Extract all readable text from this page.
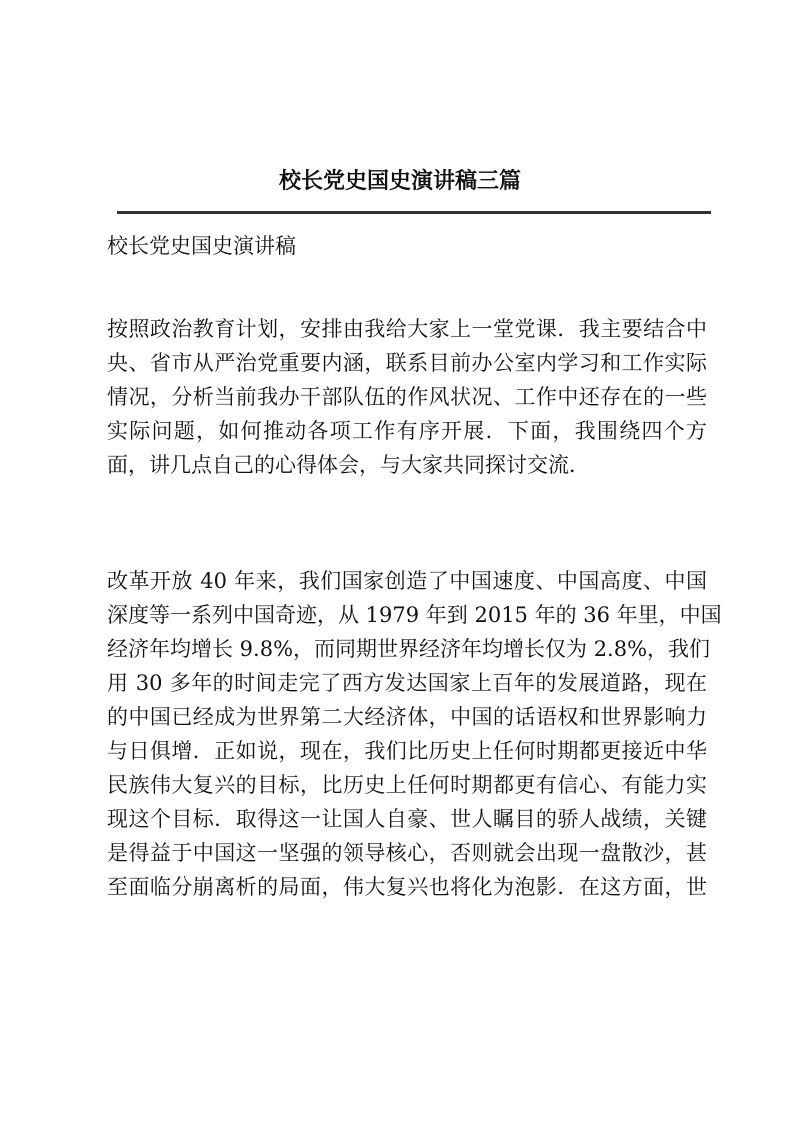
校长党史国史演讲稿三篇
校长党史国史演讲稿
按照政治教育计划，安排由我给大家上一堂党课．我主要结合中
央、省市从严治党重要内涵，联系目前办公室内学习和工作实际
情况，分析当前我办干部队伍的作风状况、工作中还存在的一些
实际问题，如何推动各项工作有序开展．下面，我围绕四个方
面，讲几点自己的心得体会，与大家共同探讨交流．
改革开放 40 年来，我们国家创造了中国速度、中国高度、中国
深度等一系列中国奇迹，从 1979 年到 2015 年的 36 年里，中国
经济年均增长 9.8%，而同期世界经济年均增长仅为 2.8%，我们
用 30 多年的时间走完了西方发达国家上百年的发展道路，现在
的中国已经成为世界第二大经济体，中国的话语权和世界影响力
与日俱增．正如说，现在，我们比历史上任何时期都更接近中华
民族伟大复兴的目标，比历史上任何时期都更有信心、有能力实
现这个目标．取得这一让国人自豪、世人瞩目的骄人战绩，关键
是得益于中国这一坚强的领导核心，否则就会出现一盘散沙，甚
至面临分崩离析的局面，伟大复兴也将化为泡影．在这方面，世
